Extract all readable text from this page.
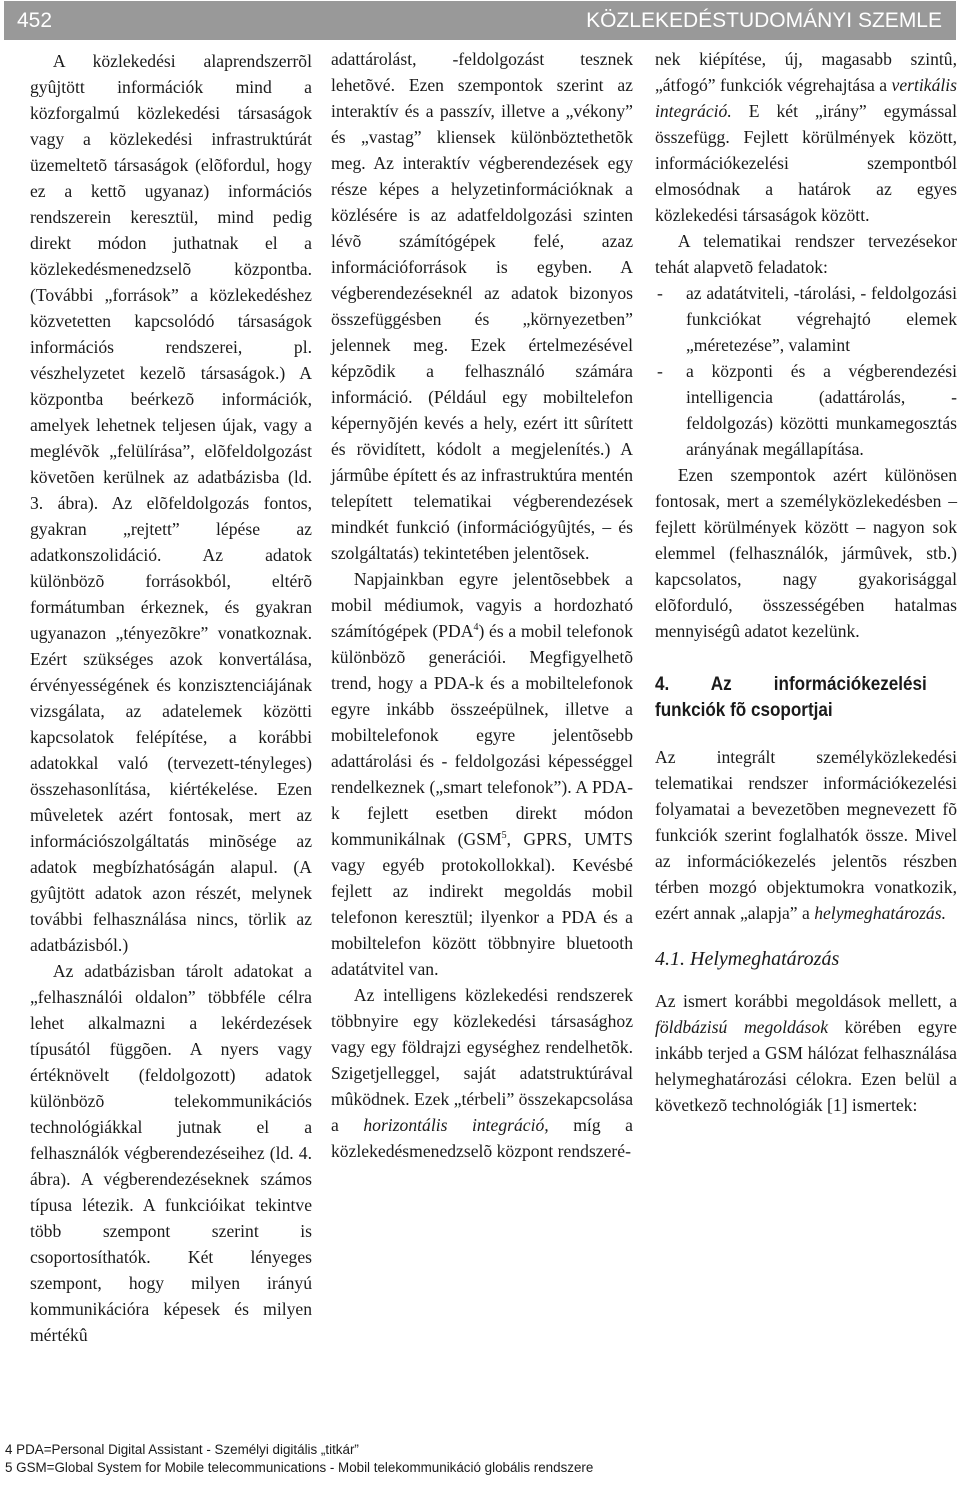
452	KÖZLEKEDÉSTUDOMÁNYI SZEMLE

A közlekedési alaprendszerrõl gyûjtött információk mind a közforgalmú közlekedési társaságok vagy a közlekedési infrastruktúrát üzemeltetõ társaságok (elõfordul, hogy ez a kettõ ugyanaz) információs rendszerein keresztül, mind pedig direkt módon juthatnak el a közlekedésmenedzselõ központba. (További „források” a közlekedéshez közvetetten kapcsolódó társaságok információs rendszerei, pl. vészhelyzetet kezelõ társaságok.) A központba beérkezõ információk, amelyek lehetnek teljesen újak, vagy a meglévõk „felülírása”, elõfeldolgozást követõen kerülnek az adatbázisba (ld. 3. ábra). Az elõfeldolgozás fontos, gyakran „rejtett” lépése az adatkonszolidáció. Az adatok különbözõ forrásokból, eltérõ formátumban érkeznek, és gyakran ugyanazon „tényezõkre” vonatkoznak. Ezért szükséges azok konvertálása, érvényességének és konzisztenciájának vizsgálata, az adatelemek közötti kapcsolatok felépítése, a korábbi adatokkal való (tervezett-tényleges) összehasonlítása, kiértékelése. Ezen mûveletek azért fontosak, mert az információszolgáltatás minõsége az adatok megbízhatóságán alapul. (A gyûjtött adatok azon részét, melynek további felhasználása nincs, törlik az adatbázisból.)

Az adatbázisban tárolt adatokat a „felhasználói oldalon” többféle célra lehet alkalmazni a lekérdezések típusától függõen. A nyers vagy értéknövelt (feldolgozott) adatok különbözõ telekommunikációs technológiákkal jutnak el a felhasználók végberendezéseihez (ld. 4. ábra). A végberendezéseknek számos típusa létezik. A funkcióikat tekintve több szempont szerint is csoportosíthatók. Két lényeges szempont, hogy milyen irányú kommunikációra képesek és milyen mértékû

adattárolást, -feldolgozást tesznek lehetõvé. Ezen szempontok szerint az interaktív és a passzív, illetve a „vékony” és „vastag” kliensek különböztethetõk meg. Az interaktív végberendezések egy része képes a helyzetinformációknak a közlésére is az adatfeldolgozási szinten lévõ számítógépek felé, azaz információforrások is egyben. A végberendezéseknél az adatok bizonyos összefüggésben és „környezetben” jelennek meg. Ezek értelmezésével képzõdik a felhasználó számára információ. (Például egy mobiltelefon képernyõjén kevés a hely, ezért itt sûrített és rövidített, kódolt a megjelenítés.) A jármûbe épített és az infrastruktúra mentén telepített telematikai végberendezések mindkét funkció (információgyûjtés, – és szolgáltatás) tekintetében jelentõsek.

Napjainkban egyre jelentõsebbek a mobil médiumok, vagyis a hordozható számítógépek (PDA$^4$) és a mobil telefonok különbözõ generációi. Megfigyelhetõ trend, hogy a PDA-k és a mobiltelefonok egyre inkább összeépülnek, illetve a mobiltelefonok egyre jelentõsebb adattárolási és - feldolgozási képességgel rendelkeznek („smart telefonok”). A PDA-k fejlett esetben direkt módon kommunikálnak (GSM$^5$, GPRS, UMTS vagy egyéb protokollokkal). Kevésbé fejlett az indirekt megoldás mobil telefonon keresztül; ilyenkor a PDA és a mobiltelefon között többnyire bluetooth adatátvitel van.

Az intelligens közlekedési rendszerek többnyire egy közlekedési társasághoz vagy egy földrajzi egységhez rendelhetõk. Szigetjelleggel, saját adatstruktúrával mûködnek. Ezek „térbeli” összekapcsolása a horizontális integráció, míg a közlekedésmenedzselõ központ rendszeré-

nek kiépítése, új, magasabb szintû, „átfogó” funkciók végrehajtása a vertikális integráció. E két „irány” egymással összefügg. Fejlett körülmények között, információkezelési szempontból elmosódnak a határok az egyes közlekedési társaságok között.

A telematikai rendszer tervezésekor tehát alapvetõ feladatok:

- az adatátviteli, -tárolási, - feldolgozási funkciókat végrehajtó elemek „méretezése”, valamint
- a központi és a végberendezési intelligencia (adattárolás, - feldolgozás) közötti munkamegosztás arányának megállapítása.

Ezen szempontok azért különösen fontosak, mert a személyközlekedésben – fejlett körülmények között – nagyon sok elemmel (felhasználók, jármûvek, stb.) kapcsolatos, nagy gyakorisággal elõforduló, összességében hatalmas mennyiségû adatot kezelünk.

4. Az információkezelési funkciók fõ csoportjai

Az integrált személyközlekedési telematikai rendszer információkezelési folyamatai a bevezetõben megnevezett fõ funkciók szerint foglalhatók össze. Mivel az információkezelés jelentõs részben térben mozgó objektumokra vonatkozik, ezért annak „alapja” a helymeghatározás.

4.1. Helymeghatározás

Az ismert korábbi megoldások mellett, a földbázisú megoldások körében egyre inkább terjed a GSM hálózat felhasználása helymeghatározási célokra. Ezen belül a következõ technológiák [1] ismertek:

4 PDA=Personal Digital Assistant - Személyi digitális „titkár”
5 GSM=Global System for Mobile telecommunications - Mobil telekommunikáció globális rendszere
